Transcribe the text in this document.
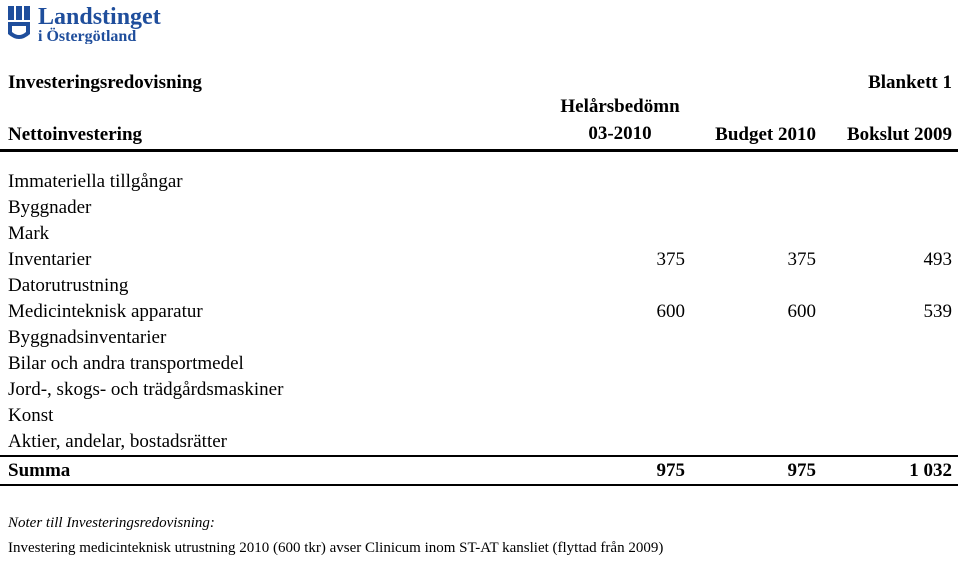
Landstinget
i Östergötland
Investeringsredovisning	Blankett 1
Helårsbedömn
Nettoinvestering	03-2010	Budget 2010 Bokslut 2009
Immateriella tillgångar
Byggnader
Mark
Inventarier	375	375	493
Datorutrustning
Medicinteknisk apparatur	600	600	539
Byggnadsinventarier
Bilar och andra transportmedel
Jord-, skogs- och trädgårdsmaskiner
Konst
Aktier, andelar, bostadsrätter
Summa	975	975	1 032
Noter till Investeringsredovisning:
Investering medicinteknisk utrustning 2010 (600 tkr) avser Clinicum inom ST-AT kansliet (flyttad från 2009)
